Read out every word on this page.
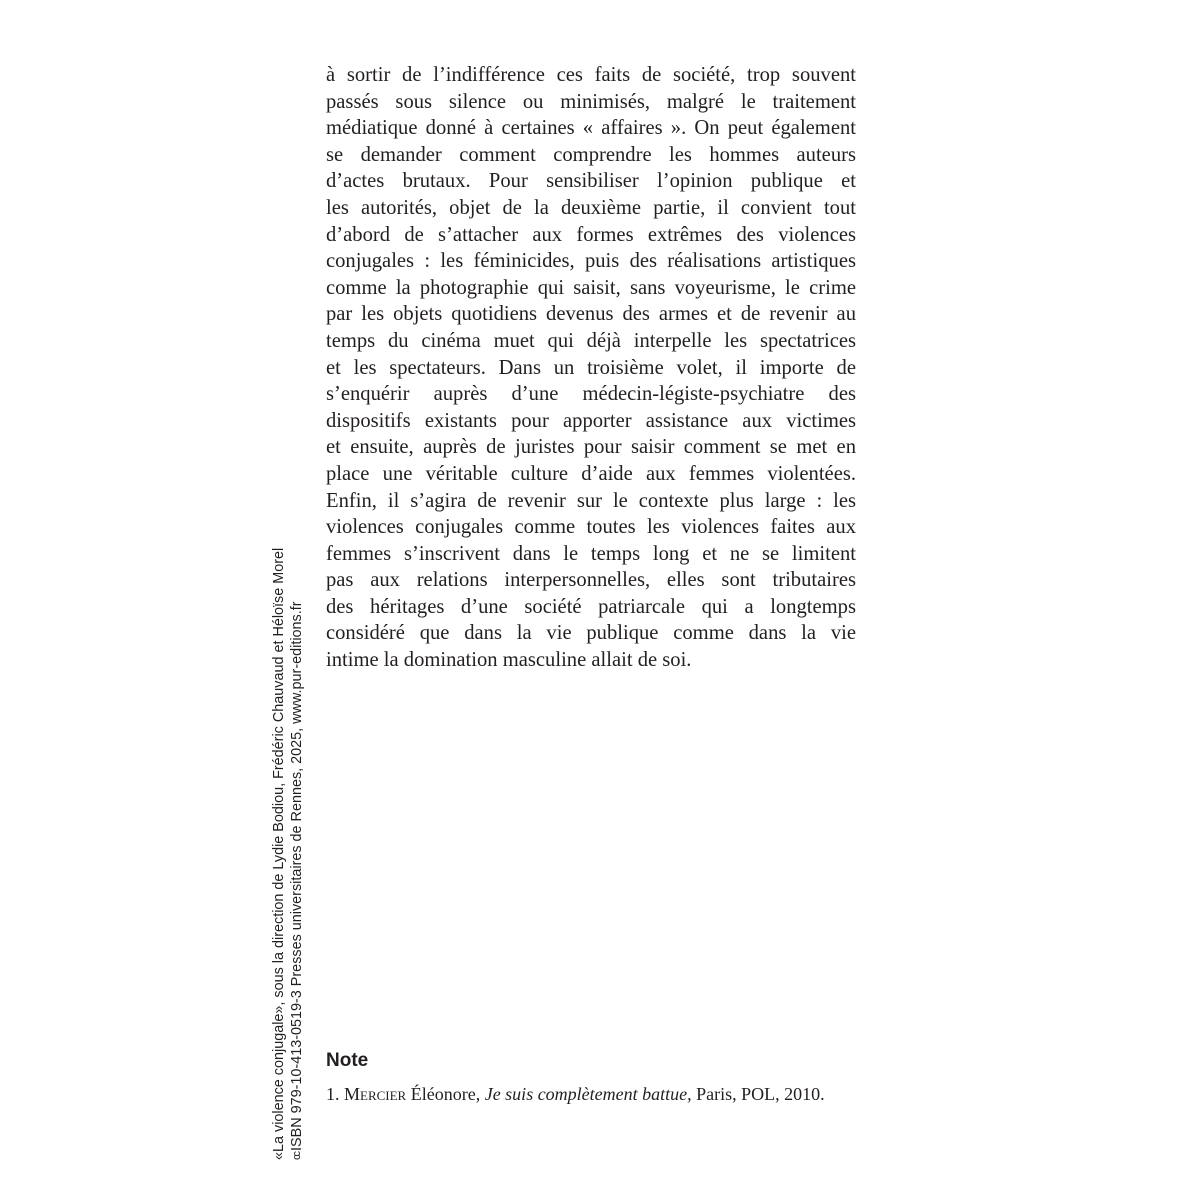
à sortir de l’indifférence ces faits de société, trop souvent
passés sous silence ou minimisés, malgré le traitement
médiatique donné à certaines « affaires ». On peut également
se demander comment comprendre les hommes auteurs
d’actes brutaux. Pour sensibiliser l’opinion publique et
les autorités, objet de la deuxième partie, il convient tout
d’abord de s’attacher aux formes extrêmes des violences
conjugales : les féminicides, puis des réalisations artistiques
comme la photographie qui saisit, sans voyeurisme, le crime
par les objets quotidiens devenus des armes et de revenir au
temps du cinéma muet qui déjà interpelle les spectatrices
et les spectateurs. Dans un troisième volet, il importe de
s’enquérir auprès d’une médecin-légiste-psychiatre des
dispositifs existants pour apporter assistance aux victimes
et ensuite, auprès de juristes pour saisir comment se met en
place une véritable culture d’aide aux femmes violentées.
Enfin, il s’agira de revenir sur le contexte plus large : les
violences conjugales comme toutes les violences faites aux
femmes s’inscrivent dans le temps long et ne se limitent
pas aux relations interpersonnelles, elles sont tributaires
des héritages d’une société patriarcale qui a longtemps
considéré que dans la vie publique comme dans la vie
intime la domination masculine allait de soi.
Note
1. Mercier Éléonore, Je suis complètement battue, Paris, POL, 2010.
«La violence conjugale», sous la direction de Lydie Bodiou, Frédéric Chauvaud et Héloïse Morel ccISBN 979-10-413-0519-3 Presses universitaires de Rennes, 2025, www.pur-editions.fr
